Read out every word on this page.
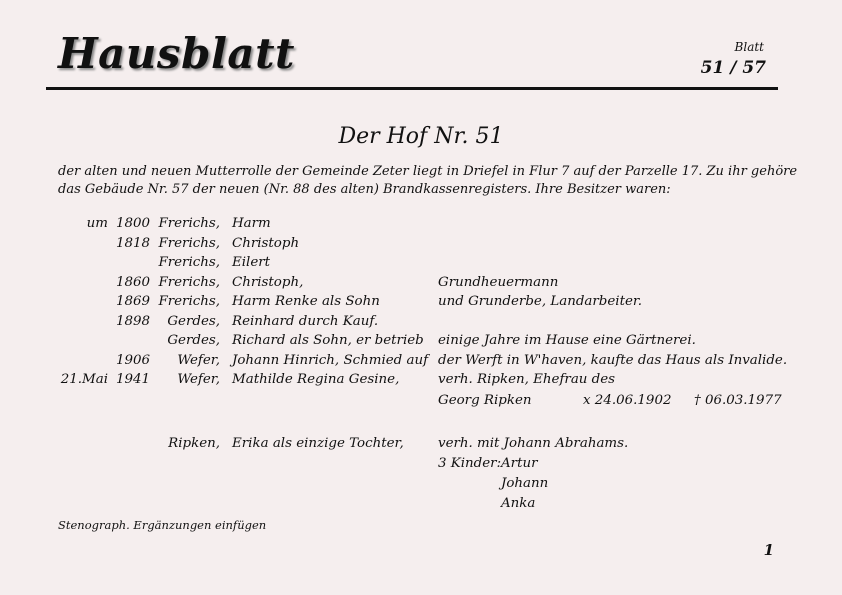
Hausblatt	Blatt
51 / 57
Der Hof Nr. 51
der alten und neuen Mutterrolle der Gemeinde Zeter liegt in Driefel in Flur 7 auf der Parzelle 17. Zu ihr gehöre
das Gebäude Nr. 57 der neuen (Nr. 88 des alten) Brandkassenregisters. Ihre Besitzer waren:
um 1800 Frerichs, Harm
1818 Frerichs, Christoph
Frerichs, Eilert
1860 Frerichs, Christoph,	Grundheuermann
1869 Frerichs, Harm Renke als Sohn	und Grunderbe, Landarbeiter.
1898 Gerdes, Reinhard durch Kauf.
Gerdes, Richard als Sohn, er betrieb einige Jahre im Hause eine Gärtnerei.
1906 Wefer, Johann Hinrich, Schmied auf der Werft in W'haven, kaufte das Haus als Invalide.
21.Mai 1941 Wefer, Mathilde Regina Gesine,	verh. Ripken, Ehefrau des
Georg Ripken	x 24.06.1902 † 06.03.1977
Ripken, Erika als einzige Tochter,	verh. mit Johann Abrahams.
3 Kinder: Artur
Johann
Anka
Stenograph. Ergänzungen einfügen
1
